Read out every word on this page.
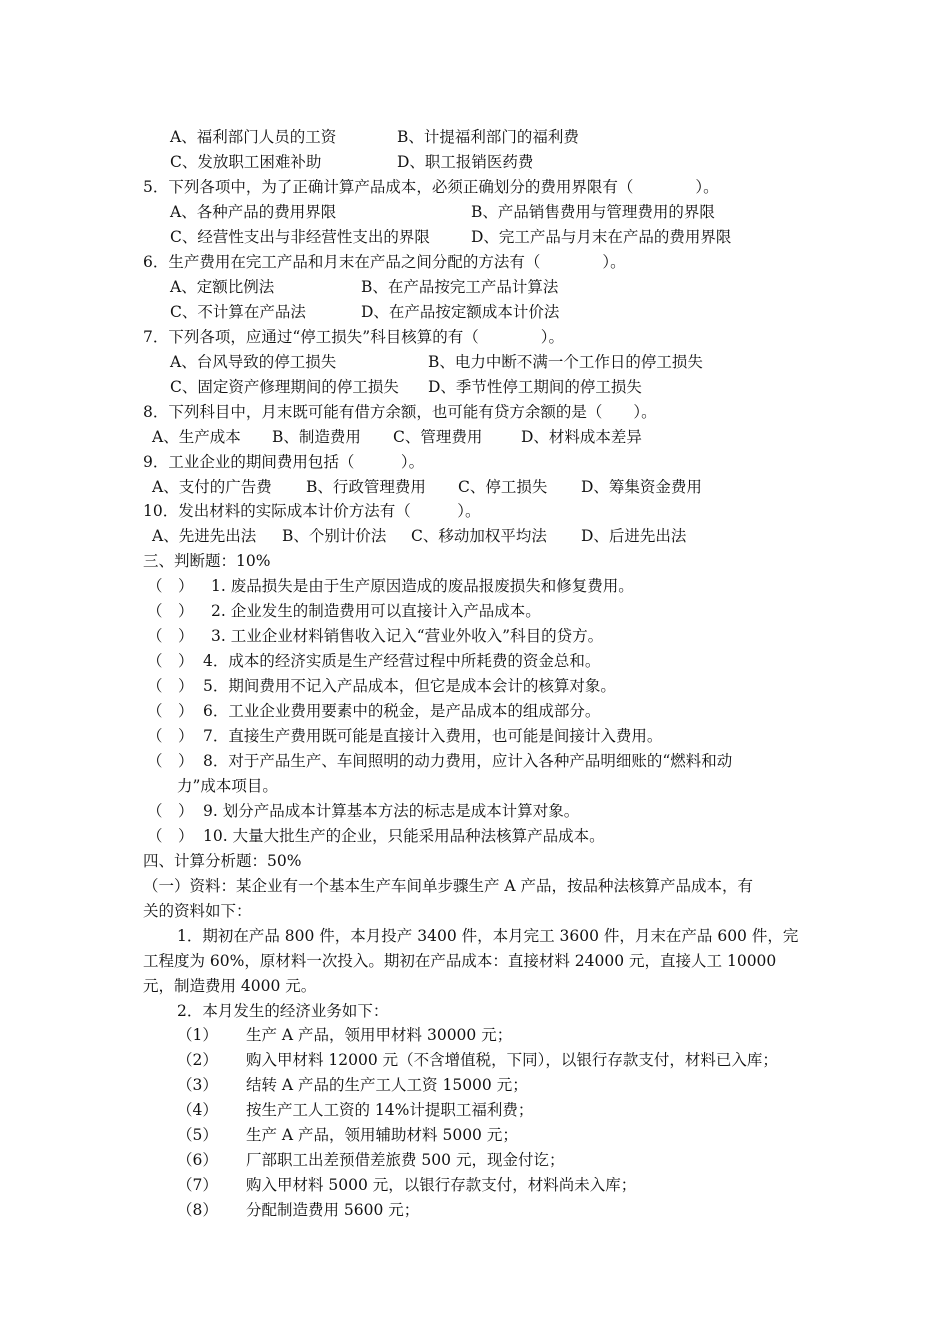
A、福利部门人员的工资	B、计提福利部门的福利费
C、发放职工困难补助	D、职工报销医药费
5．下列各项中，为了正确计算产品成本，必须正确划分的费用界限有（　　　　）。
A、各种产品的费用界限	B、产品销售费用与管理费用的界限
C、经营性支出与非经营性支出的界限	D、完工产品与月末在产品的费用界限
6．生产费用在完工产品和月末在产品之间分配的方法有（　　　　）。
A、定额比例法	B、在产品按完工产品计算法
C、不计算在产品法	D、在产品按定额成本计价法
7．下列各项，应通过“停工损失”科目核算的有（　　　　）。
A、台风导致的停工损失	B、电力中断不满一个工作日的停工损失
C、固定资产修理期间的停工损失 D、季节性停工期间的停工损失
8．下列科目中，月末既可能有借方余额，也可能有贷方余额的是（　　）。
A、生产成本 B、制造费用 C、管理费用 D、材料成本差异
9．工业企业的期间费用包括（　　　）。
A、支付的广告费 B、行政管理费用 C、停工损失 D、筹集资金费用
10．发出材料的实际成本计价方法有（　　　）。
A、先进先出法 B、个别计价法 C、移动加权平均法 D、后进先出法
三、判断题：10%
（　） 1. 废品损失是由于生产原因造成的废品报废损失和修复费用。
（　） 2. 企业发生的制造费用可以直接计入产品成本。
（　） 3. 工业企业材料销售收入记入“营业外收入”科目的贷方。
（　） 4．成本的经济实质是生产经营过程中所耗费的资金总和。
（　） 5．期间费用不记入产品成本，但它是成本会计的核算对象。
（　） 6．工业企业费用要素中的税金，是产品成本的组成部分。
（　） 7．直接生产费用既可能是直接计入费用，也可能是间接计入费用。
（　） 8．对于产品生产、车间照明的动力费用，应计入各种产品明细账的“燃料和动
力”成本项目。
（　） 9. 划分产品成本计算基本方法的标志是成本计算对象。
（　） 10. 大量大批生产的企业，只能采用品种法核算产品成本。
四、计算分析题：50%
（一）资料：某企业有一个基本生产车间单步骤生产 A 产品，按品种法核算产品成本，有
关的资料如下：
1．期初在产品 800 件，本月投产 3400 件，本月完工 3600 件，月末在产品 600 件，完
工程度为 60%，原材料一次投入。期初在产品成本：直接材料 24000 元，直接人工 10000
元，制造费用 4000 元。
2．本月发生的经济业务如下：
（1） 生产 A 产品，领用甲材料 30000 元；
（2） 购入甲材料 12000 元（不含增值税，下同），以银行存款支付，材料已入库；
（3） 结转 A 产品的生产工人工资 15000 元；
（4） 按生产工人工资的 14%计提职工福利费；
（5） 生产 A 产品，领用辅助材料 5000 元；
（6） 厂部职工出差预借差旅费 500 元，现金付讫；
（7） 购入甲材料 5000 元，以银行存款支付，材料尚未入库；
（8） 分配制造费用 5600 元；
